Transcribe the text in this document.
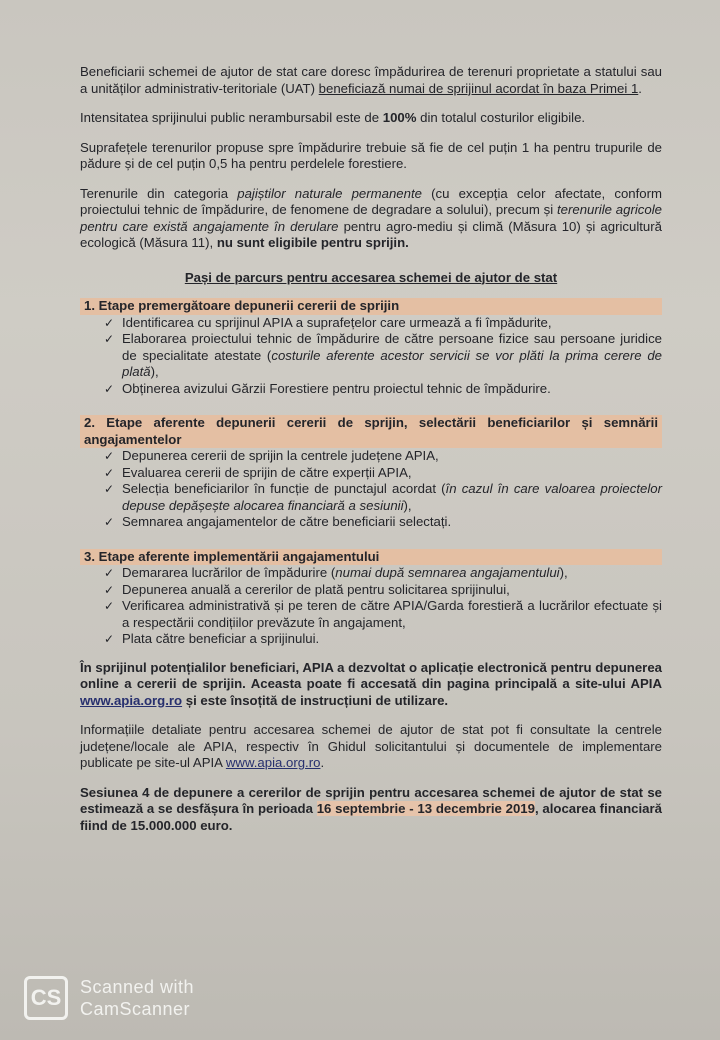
Beneficiarii schemei de ajutor de stat care doresc împădurirea de terenuri proprietate a statului sau a unităților administrativ-teritoriale (UAT) beneficiază numai de sprijinul acordat în baza Primei 1.

Intensitatea sprijinului public nerambursabil este de 100% din totalul costurilor eligibile.

Suprafețele terenurilor propuse spre împădurire trebuie să fie de cel puțin 1 ha pentru trupurile de pădure și de cel puțin 0,5 ha pentru perdelele forestiere.

Terenurile din categoria pajiștilor naturale permanente (cu excepția celor afectate, conform proiectului tehnic de împădurire, de fenomene de degradare a solului), precum și terenurile agricole pentru care există angajamente în derulare pentru agro-mediu și climă (Măsura 10) și agricultură ecologică (Măsura 11), nu sunt eligibile pentru sprijin.

Pași de parcurs pentru accesarea schemei de ajutor de stat
1. Etape premergătoare depunerii cererii de sprijin
✓ Identificarea cu sprijinul APIA a suprafețelor care urmează a fi împădurite,
✓ Elaborarea proiectului tehnic de împădurire de către persoane fizice sau persoane juridice de specialitate atestate (costurile aferente acestor servicii se vor plăti la prima cerere de plată),
✓ Obținerea avizului Gărzii Forestiere pentru proiectul tehnic de împădurire.
2. Etape aferente depunerii cererii de sprijin, selectării beneficiarilor și semnării angajamentelor
✓ Depunerea cererii de sprijin la centrele județene APIA,
✓ Evaluarea cererii de sprijin de către experții APIA,
✓ Selecția beneficiarilor în funcție de punctajul acordat (în cazul în care valoarea proiectelor depuse depășește alocarea financiară a sesiunii),
✓ Semnarea angajamentelor de către beneficiarii selectați.
3. Etape aferente implementării angajamentului
✓ Demararea lucrărilor de împădurire (numai după semnarea angajamentului),
✓ Depunerea anuală a cererilor de plată pentru solicitarea sprijinului,
✓ Verificarea administrativă și pe teren de către APIA/Garda forestieră a lucrărilor efectuate și a respectării condițiilor prevăzute în angajament,
✓ Plata către beneficiar a sprijinului.

În sprijinul potențialilor beneficiari, APIA a dezvoltat o aplicație electronică pentru depunerea online a cererii de sprijin. Aceasta poate fi accesată din pagina principală a site-ului APIA www.apia.org.ro și este însoțită de instrucțiuni de utilizare.

Informațiile detaliate pentru accesarea schemei de ajutor de stat pot fi consultate la centrele județene/locale ale APIA, respectiv în Ghidul solicitantului și documentele de implementare publicate pe site-ul APIA www.apia.org.ro.

Sesiunea 4 de depunere a cererilor de sprijin pentru accesarea schemei de ajutor de stat se estimează a se desfășura în perioada 16 septembrie - 13 decembrie 2019, alocarea financiară fiind de 15.000.000 euro.

CS	Scanned with
CamScanner
